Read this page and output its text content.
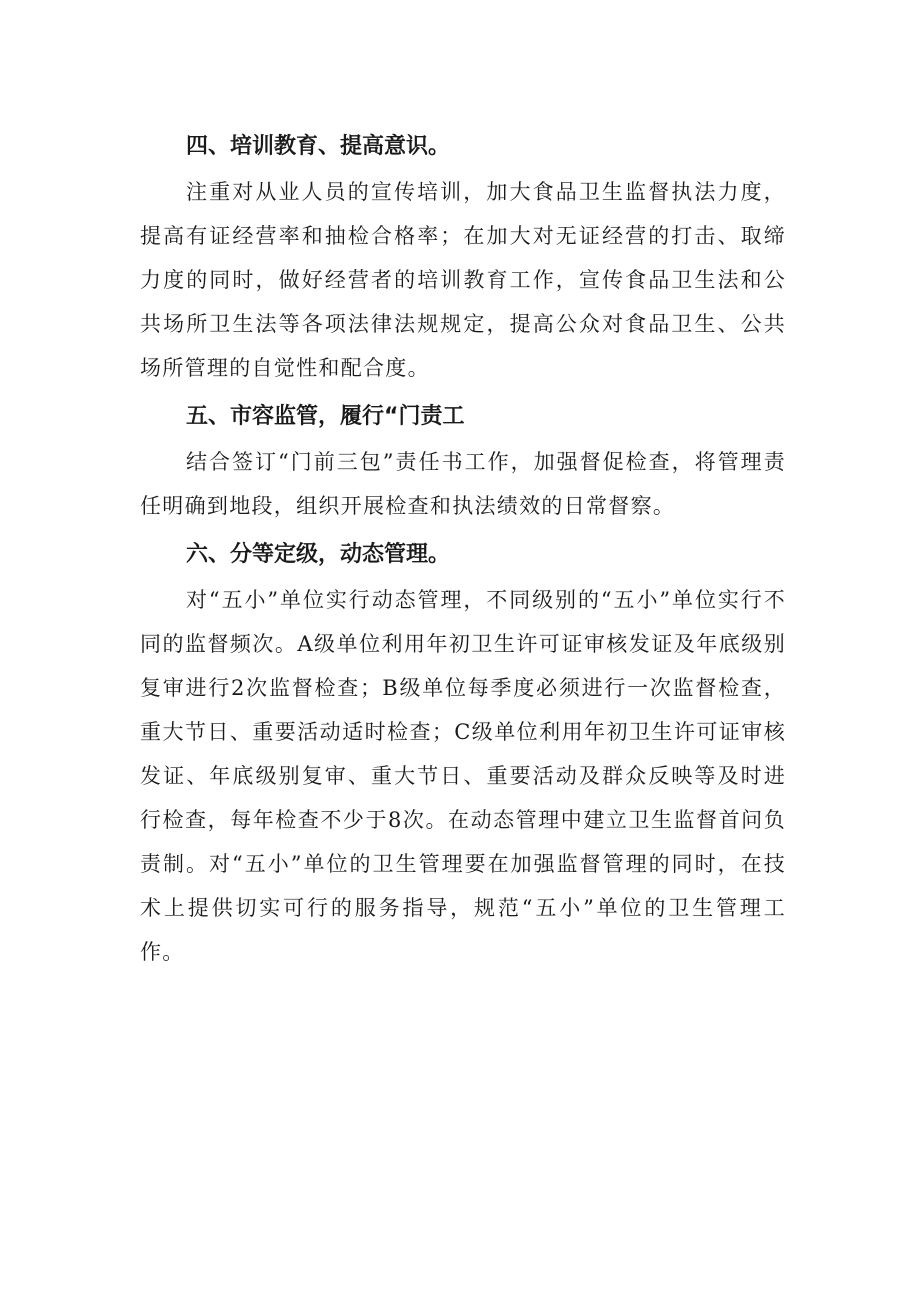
四、培训教育、提高意识。

注重对从业人员的宣传培训，加大食品卫生监督执法力度，提高有证经营率和抽检合格率；在加大对无证经营的打击、取缔力度的同时，做好经营者的培训教育工作，宣传食品卫生法和公共场所卫生法等各项法律法规规定，提高公众对食品卫生、公共场所管理的自觉性和配合度。

五、市容监管，履行“门责工

结合签订“门前三包”责任书工作，加强督促检查，将管理责任明确到地段，组织开展检查和执法绩效的日常督察。

六、分等定级，动态管理。

对“五小”单位实行动态管理，不同级别的“五小”单位实行不同的监督频次。A级单位利用年初卫生许可证审核发证及年底级别复审进行2次监督检查；B级单位每季度必须进行一次监督检查，重大节日、重要活动适时检查；C级单位利用年初卫生许可证审核发证、年底级别复审、重大节日、重要活动及群众反映等及时进行检查，每年检查不少于8次。在动态管理中建立卫生监督首问负责制。对“五小”单位的卫生管理要在加强监督管理的同时，在技术上提供切实可行的服务指导，规范“五小”单位的卫生管理工作。
